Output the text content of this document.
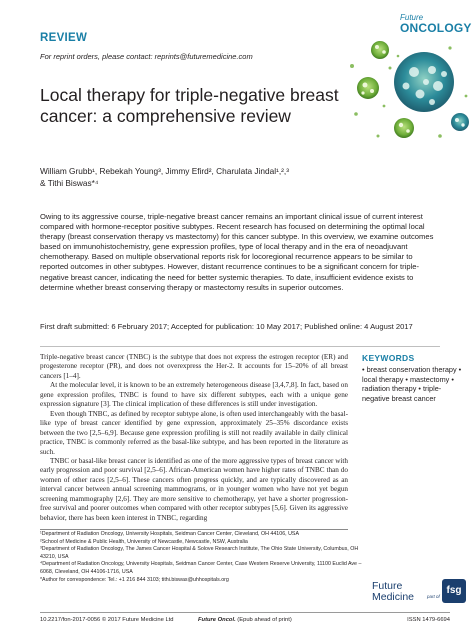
REVIEW
For reprint orders, please contact: reprints@futuremedicine.com
Future
ONCOLOGY
Local therapy for triple-negative breast cancer: a comprehensive review
William Grubb¹, Rebekah Young³, Jimmy Efird², Charulata Jindal¹,²,³
& Tithi Biswas*⁴
Owing to its aggressive course, triple-negative breast cancer remains an important clinical issue of current interest compared with hormone-receptor positive subtypes. Recent research has focused on determining the optimal local therapy (breast conservation therapy vs mastectomy) for this cancer subtype. In this overview, we examine outcomes based on immunohistochemistry, gene expression profiles, type of local therapy and in the era of neoadjuvant chemotherapy. Based on multiple observational reports risk for locoregional recurrence appears to be similar to reported outcomes in other subtypes. However, distant recurrence continues to be a significant concern for triple-negative breast cancer, indicating the need for better systemic therapies. To date, insufficient evidence exists to determine whether breast conserving therapy or mastectomy results in superior outcomes.
First draft submitted: 6 February 2017; Accepted for publication: 10 May 2017; Published online: 4 August 2017

Triple-negative breast cancer (TNBC) is the subtype that does not express the estrogen receptor (ER) and progesterone receptor (PR), and does not overexpress the Her-2. It accounts for 15–20% of all breast cancers [1–4].

At the molecular level, it is known to be an extremely heterogeneous disease [3,4,7,8]. In fact, based on gene expression profiles, TNBC is found to have six different subtypes, each with a unique gene expression signature [3]. The clinical implication of these differences is still under investigation.

Even though TNBC, as defined by receptor subtype alone, is often used interchangeably with the basal-like type of breast cancer identified by gene expression, approximately 25–35% discordance exists between the two [2,5–6,9]. Because gene expression profiling is still not readily available in daily clinical practice, TNBC is commonly referred as the basal-like subtype, and has been reported in the literature as such.

TNBC or basal-like breast cancer is identified as one of the more aggressive types of breast cancer with early progression and poor survival [2,5–6]. African-American women have higher rates of TNBC than do women of other races [2,5–6]. These cancers often progress quickly, and are typically discovered as an interval cancer between annual screening mammograms, or in younger women who have not yet begun screening mammography [2,6]. They are more sensitive to chemotherapy, yet have a shorter progression-free survival and poorer outcomes when compared with other receptor subtypes [5,6]. Given its aggressive behavior, there has been keen interest in TNBC, regarding

KEYWORDS
• breast conservation therapy • local therapy • mastectomy • radiation therapy • triple-negative breast cancer
¹Department of Radiation Oncology, University Hospitals, Seidman Cancer Center, Cleveland, OH 44106, USA
²School of Medicine & Public Health, University of Newcastle, Newcastle, NSW, Australia
³Department of Radiation Oncology, The James Cancer Hospital & Solove Research Institute, The Ohio State University, Columbus, OH 43210, USA
⁴Department of Radiation Oncology, University Hospitals, Seidman Cancer Center, Case Western Reserve University, 11100 Euclid Ave – 6068, Cleveland, OH 44106-1716, USA
*Author for correspondence: Tel.: +1 216 844 3103; tithi.biswas@uhhospitals.org
Future
Medicine	part of
fsg
10.2217/fon-2017-0056 © 2017 Future Medicine Ltd	Future Oncol. (Epub ahead of print)	ISSN 1479-6694
